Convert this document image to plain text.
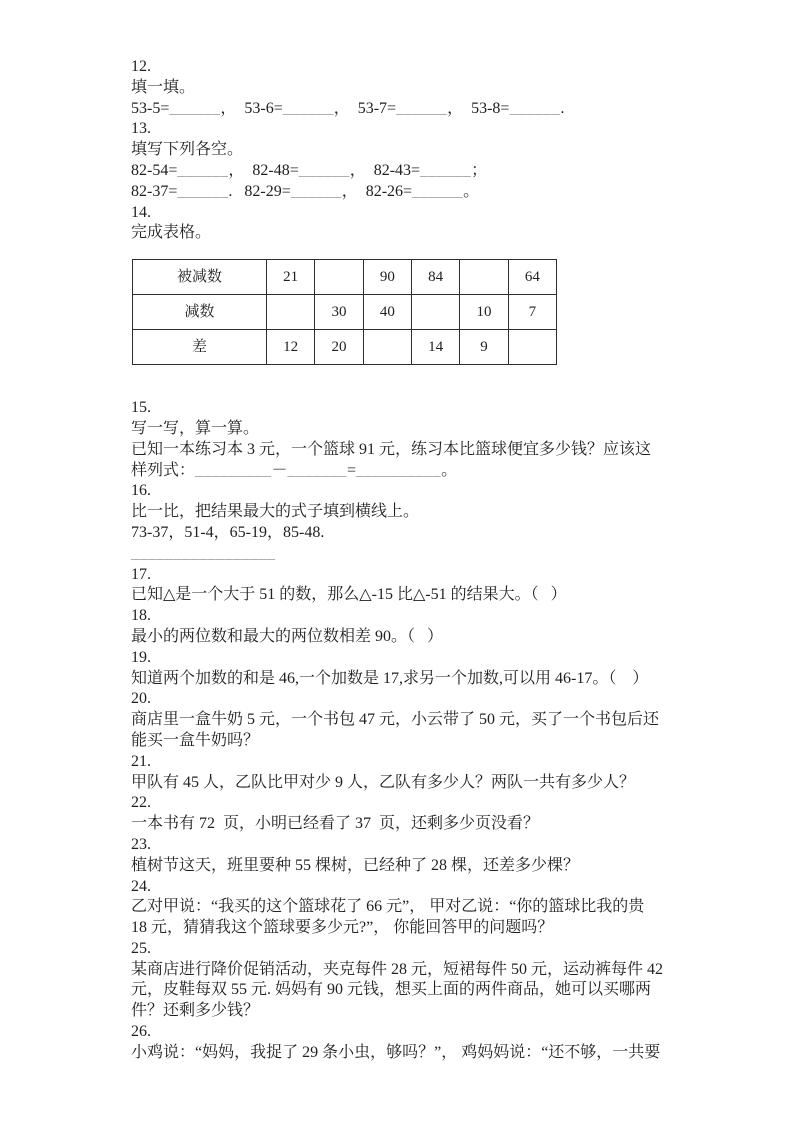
12.
填一填。
53-5=______，  53-6=______，  53-7=______，  53-8=______.
13.
填写下列各空。
82-54=______，  82-48=______，  82-43=______；
82-37=______.   82-29=______，  82-26=______。
14.
完成表格。
被减数	21		90	84		64
减数		30	40		10	7
差	12	20		14	9	
15.
写一写，算一算。
已知一本练习本 3 元，一个篮球 91 元，练习本比篮球便宜多少钱？应该这
样列式：_________－_______=__________。
16.
比一比，把结果最大的式子填到横线上。
73-37，51-4，65-19，85-48.
_________________
17.
已知△是一个大于 51 的数，那么△-15 比△-51 的结果大。（   ）
18.
最小的两位数和最大的两位数相差 90。（   ）
19.
知道两个加数的和是 46,一个加数是 17,求另一个加数,可以用 46-17。（    ）
20.
商店里一盒牛奶 5 元，一个书包 47 元，小云带了 50 元，买了一个书包后还
能买一盒牛奶吗？
21.
甲队有 45 人，乙队比甲对少 9 人，乙队有多少人？两队一共有多少人？
22.
一本书有 72  页，小明已经看了 37  页，还剩多少页没看？
23.
植树节这天，班里要种 55 棵树，已经种了 28 棵，还差多少棵？
24.
乙对甲说：“我买的这个篮球花了 66 元”， 甲对乙说：“你的篮球比我的贵
18 元，猜猜我这个篮球要多少元?”， 你能回答甲的问题吗？
25.
某商店进行降价促销活动，夹克每件 28 元，短裙每件 50 元，运动裤每件 42
元，皮鞋每双 55 元. 妈妈有 90 元钱，想买上面的两件商品，她可以买哪两
件？还剩多少钱？
26.
小鸡说：“妈妈，我捉了 29 条小虫，够吗？”， 鸡妈妈说：“还不够，一共要
